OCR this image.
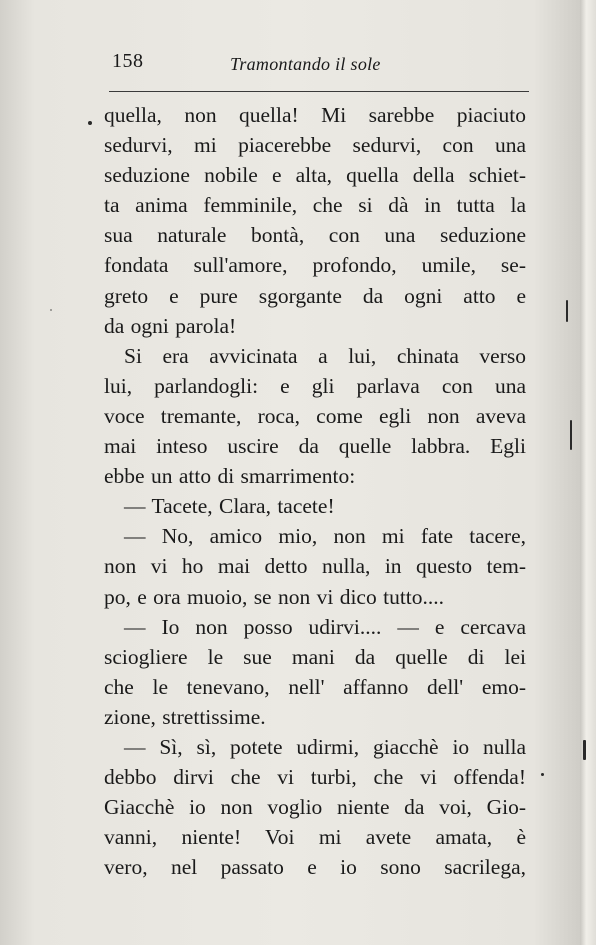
158	Tramontando il sole
quella, non quella! Mi sarebbe piaciuto
sedurvi, mi piacerebbe sedurvi, con una
seduzione nobile e alta, quella della schiet-
ta anima femminile, che si dà in tutta la
sua naturale bontà, con una seduzione
fondata sull'amore, profondo, umile, se-
greto e pure sgorgante da ogni atto e
da ogni parola!
Si era avvicinata a lui, chinata verso
lui, parlandogli: e gli parlava con una
voce tremante, roca, come egli non aveva
mai inteso uscire da quelle labbra. Egli
ebbe un atto di smarrimento:
— Tacete, Clara, tacete!
— No, amico mio, non mi fate tacere,
non vi ho mai detto nulla, in questo tem-
po, e ora muoio, se non vi dico tutto....
— Io non posso udirvi.... — e cercava
sciogliere le sue mani da quelle di lei
che le tenevano, nell' affanno dell' emo-
zione, strettissime.
— Sì, sì, potete udirmi, giacchè io nulla
debbo dirvi che vi turbi, che vi offenda!
Giacchè io non voglio niente da voi, Gio-
vanni, niente! Voi mi avete amata, è
vero, nel passato e io sono sacrilega,
